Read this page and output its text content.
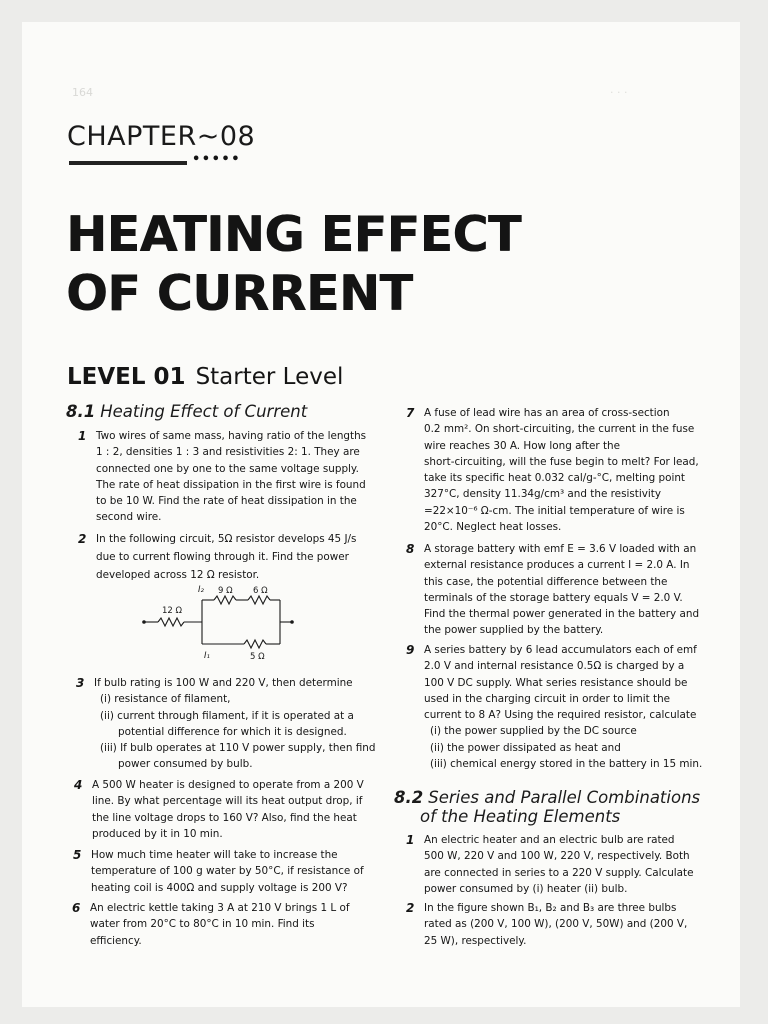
164	· · ·
CHAPTER~08
•••••
HEATING EFFECT
OF CURRENT
LEVEL 01 Starter Level
8.1 Heating Effect of Current
1 Two wires of same mass, having ratio of the lengths
1 : 2, densities 1 : 3 and resistivities 2: 1. They are
connected one by one to the same voltage supply.
The rate of heat dissipation in the first wire is found
to be 10 W. Find the rate of heat dissipation in the
second wire.
2 In the following circuit, 5Ω resistor develops 45 J/s
due to current flowing through it. Find the power
developed across 12 Ω resistor.
12 Ω
9 Ω 6 Ω
5 Ω
I₂
I₁
3 If bulb rating is 100 W and 220 V, then determine
(i) resistance of filament,
(ii) current through filament, if it is operated at a
potential difference for which it is designed.
(iii) If bulb operates at 110 V power supply, then find
power consumed by bulb.
4 A 500 W heater is designed to operate from a 200 V
line. By what percentage will its heat output drop, if
the line voltage drops to 160 V? Also, find the heat
produced by it in 10 min.
5 How much time heater will take to increase the
temperature of 100 g water by 50°C, if resistance of
heating coil is 400Ω and supply voltage is 200 V?
6 An electric kettle taking 3 A at 210 V brings 1 L of
water from 20°C to 80°C in 10 min. Find its
efficiency.
7 A fuse of lead wire has an area of cross-section
0.2 mm². On short-circuiting, the current in the fuse
wire reaches 30 A. How long after the
short-circuiting, will the fuse begin to melt? For lead,
take its specific heat 0.032 cal/g-°C, melting point
327°C, density 11.34g/cm³ and the resistivity
=22×10⁻⁶ Ω-cm. The initial temperature of wire is
20°C. Neglect heat losses.
8 A storage battery with emf E = 3.6 V loaded with an
external resistance produces a current I = 2.0 A. In
this case, the potential difference between the
terminals of the storage battery equals V = 2.0 V.
Find the thermal power generated in the battery and
the power supplied by the battery.
9 A series battery by 6 lead accumulators each of emf
2.0 V and internal resistance 0.5Ω is charged by a
100 V DC supply. What series resistance should be
used in the charging circuit in order to limit the
current to 8 A? Using the required resistor, calculate
(i) the power supplied by the DC source
(ii) the power dissipated as heat and
(iii) chemical energy stored in the battery in 15 min.
8.2 Series and Parallel Combinations
of the Heating Elements
1 An electric heater and an electric bulb are rated
500 W, 220 V and 100 W, 220 V, respectively. Both
are connected in series to a 220 V supply. Calculate
power consumed by (i) heater (ii) bulb.
2 In the figure shown B₁, B₂ and B₃ are three bulbs
rated as (200 V, 100 W), (200 V, 50W) and (200 V,
25 W), respectively.
